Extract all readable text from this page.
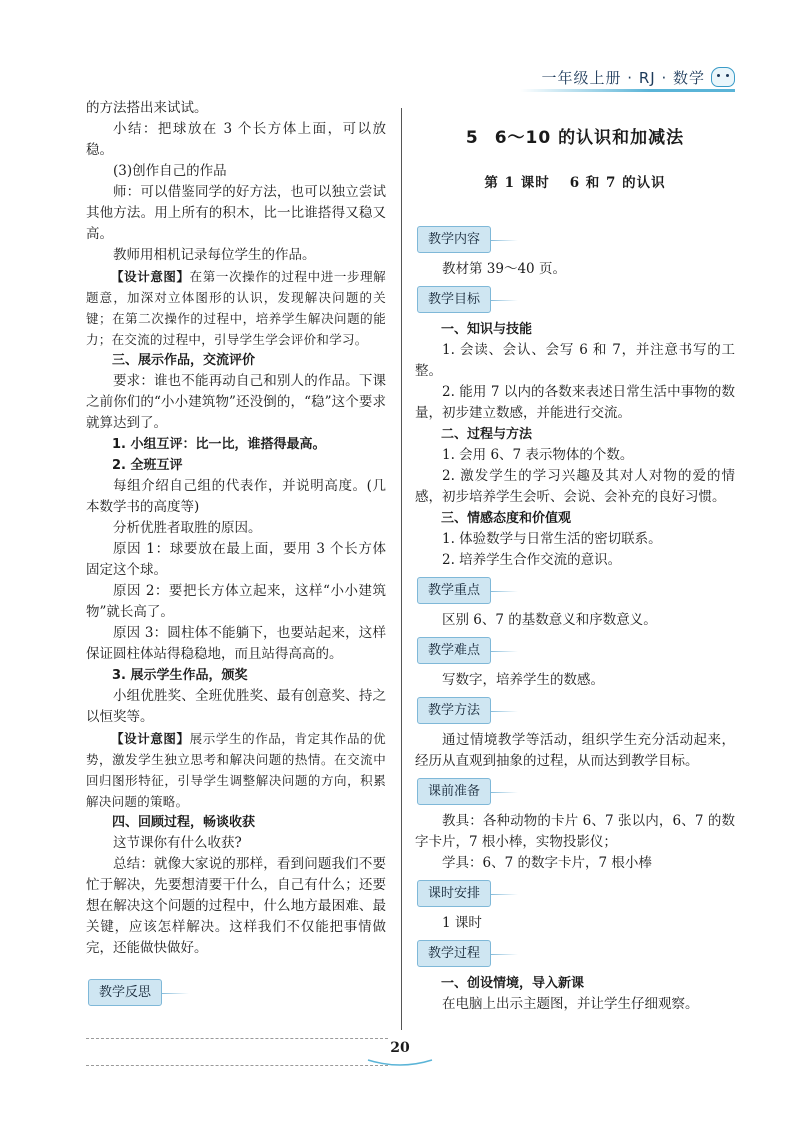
一年级上册 · RJ · 数学

的方法搭出来试试。

小结：把球放在 3 个长方体上面，可以放稳。

(3)创作自己的作品

师：可以借鉴同学的好方法，也可以独立尝试其他方法。用上所有的积木，比一比谁搭得又稳又高。

教师用相机记录每位学生的作品。

【设计意图】在第一次操作的过程中进一步理解题意，加深对立体图形的认识，发现解决问题的关键；在第二次操作的过程中，培养学生解决问题的能力；在交流的过程中，引导学生学会评价和学习。

三、展示作品，交流评价

要求：谁也不能再动自己和别人的作品。下课之前你们的“小小建筑物”还没倒的，“稳”这个要求就算达到了。

1. 小组互评：比一比，谁搭得最高。

2. 全班互评

每组介绍自己组的代表作，并说明高度。(几本数学书的高度等)

分析优胜者取胜的原因。

原因 1：球要放在最上面，要用 3 个长方体固定这个球。

原因 2：要把长方体立起来，这样“小小建筑物”就长高了。

原因 3：圆柱体不能躺下，也要站起来，这样保证圆柱体站得稳稳地，而且站得高高的。

3. 展示学生作品，颁奖

小组优胜奖、全班优胜奖、最有创意奖、持之以恒奖等。

【设计意图】展示学生的作品，肯定其作品的优势，激发学生独立思考和解决问题的热情。在交流中回归图形特征，引导学生调整解决问题的方向，积累解决问题的策略。

四、回顾过程，畅谈收获

这节课你有什么收获?

总结：就像大家说的那样，看到问题我们不要忙于解决，先要想清要干什么，自己有什么；还要想在解决这个问题的过程中，什么地方最困难、最关键，应该怎样解决。这样我们不仅能把事情做完，还能做快做好。

教学反思
5 6～10 的认识和加减法
第 1 课时 6 和 7 的认识
教学内容

教材第 39～40 页。

教学目标

一、知识与技能

1. 会读、会认、会写 6 和 7，并注意书写的工整。

2. 能用 7 以内的各数来表述日常生活中事物的数量，初步建立数感，并能进行交流。

二、过程与方法

1. 会用 6、7 表示物体的个数。

2. 激发学生的学习兴趣及其对人对物的爱的情感，初步培养学生会听、会说、会补充的良好习惯。

三、情感态度和价值观

1. 体验数学与日常生活的密切联系。

2. 培养学生合作交流的意识。

教学重点

区别 6、7 的基数意义和序数意义。

教学难点

写数字，培养学生的数感。

教学方法

通过情境教学等活动，组织学生充分活动起来，经历从直观到抽象的过程，从而达到教学目标。

课前准备

教具：各种动物的卡片 6、7 张以内，6、7 的数字卡片，7 根小棒，实物投影仪；

学具：6、7 的数字卡片，7 根小棒

课时安排

1 课时

教学过程

一、创设情境，导入新课

在电脑上出示主题图，并让学生仔细观察。

20
